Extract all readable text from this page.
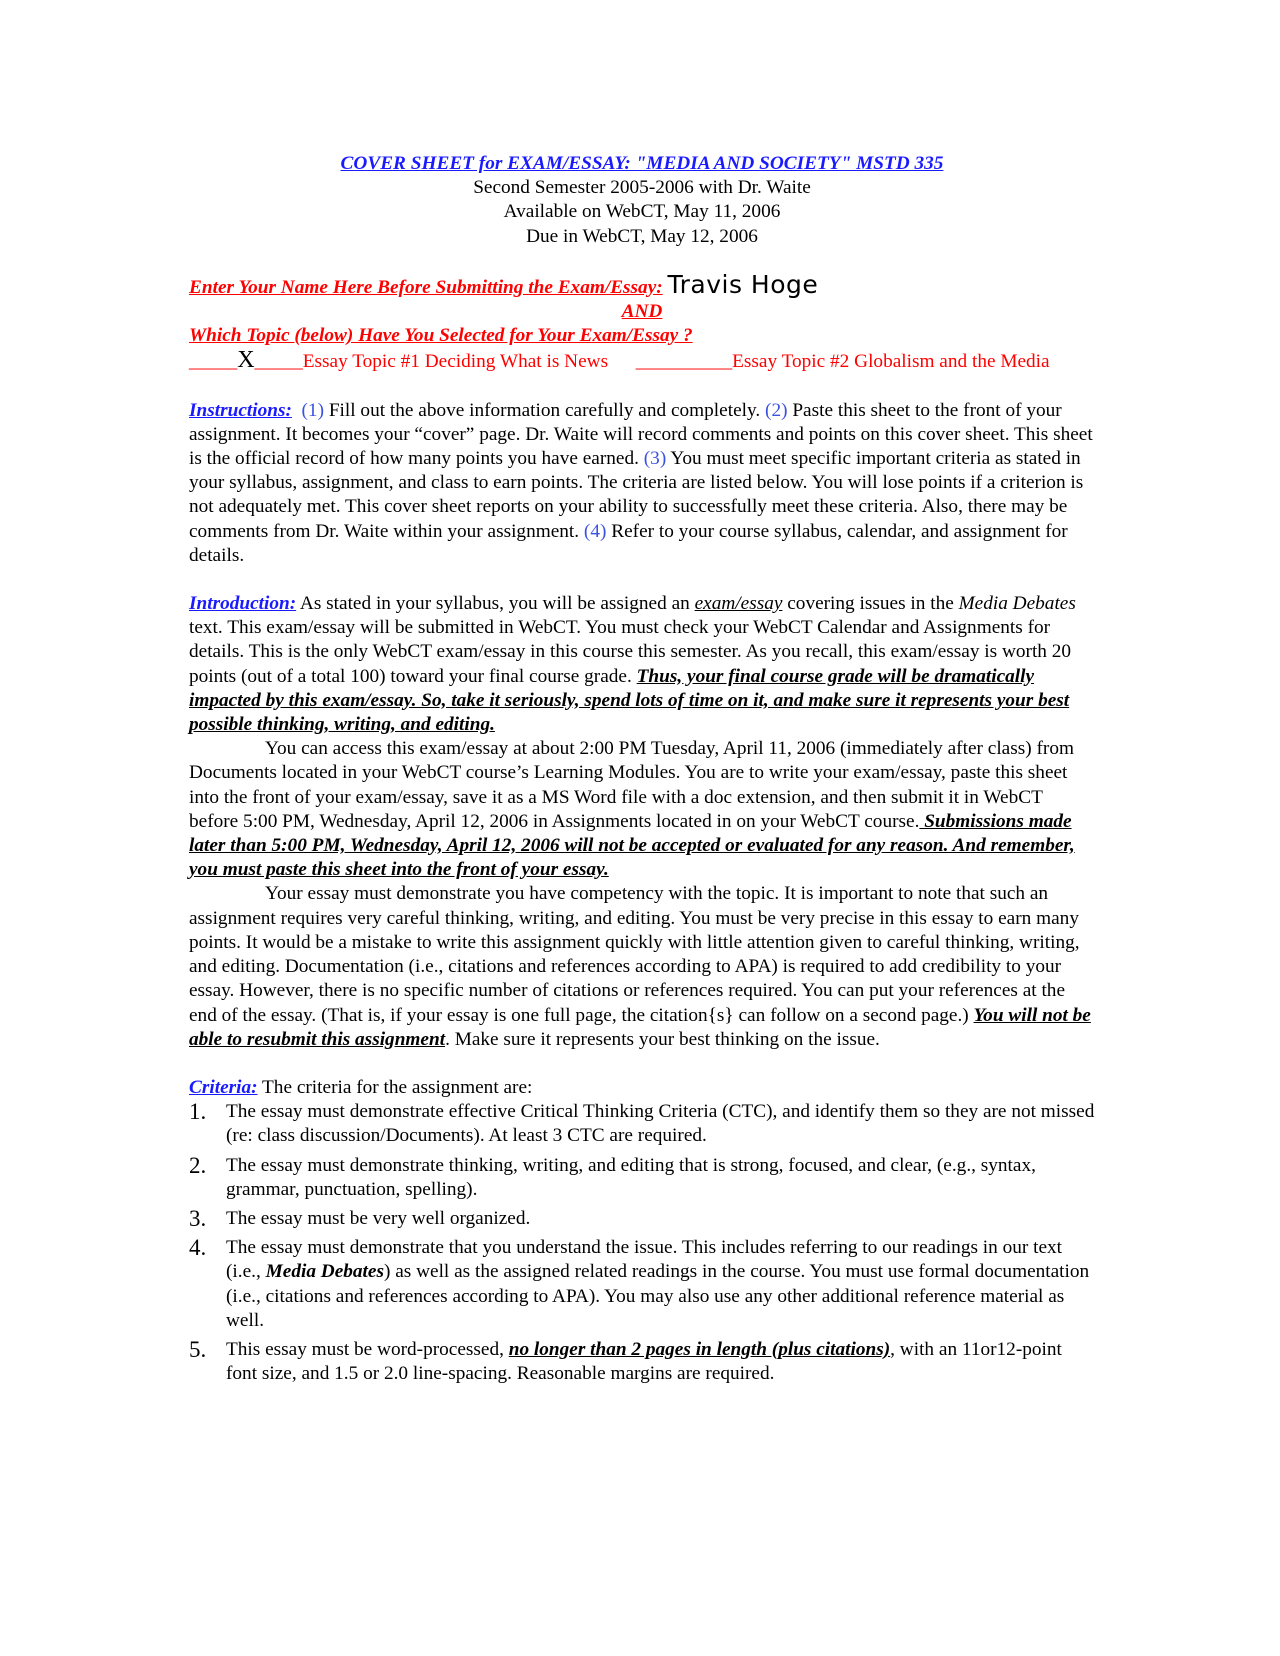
COVER SHEET for EXAM/ESSAY: "MEDIA AND SOCIETY" MSTD 335
Second Semester 2005-2006 with Dr. Waite
Available on WebCT, May 11, 2006
Due in WebCT, May 12, 2006
Enter Your Name Here Before Submitting the Exam/Essay: Travis Hoge
AND
Which Topic (below) Have You Selected for Your Exam/Essay ?
_____X_____Essay Topic #1 Deciding What is News __________Essay Topic #2 Globalism and the Media
Instructions: (1) Fill out the above information carefully and completely. (2) Paste this sheet to the front of your assignment. It becomes your “cover” page. Dr. Waite will record comments and points on this cover sheet. This sheet is the official record of how many points you have earned. (3) You must meet specific important criteria as stated in your syllabus, assignment, and class to earn points. The criteria are listed below. You will lose points if a criterion is not adequately met. This cover sheet reports on your ability to successfully meet these criteria. Also, there may be comments from Dr. Waite within your assignment. (4) Refer to your course syllabus, calendar, and assignment for details.
Introduction: As stated in your syllabus, you will be assigned an exam/essay covering issues in the Media Debates text. This exam/essay will be submitted in WebCT. You must check your WebCT Calendar and Assignments for details. This is the only WebCT exam/essay in this course this semester. As you recall, this exam/essay is worth 20 points (out of a total 100) toward your final course grade. Thus, your final course grade will be dramatically impacted by this exam/essay. So, take it seriously, spend lots of time on it, and make sure it represents your best possible thinking, writing, and editing.
You can access this exam/essay at about 2:00 PM Tuesday, April 11, 2006 (immediately after class) from Documents located in your WebCT course’s Learning Modules. You are to write your exam/essay, paste this sheet into the front of your exam/essay, save it as a MS Word file with a doc extension, and then submit it in WebCT before 5:00 PM, Wednesday, April 12, 2006 in Assignments located in on your WebCT course. Submissions made later than 5:00 PM, Wednesday, April 12, 2006 will not be accepted or evaluated for any reason. And remember, you must paste this sheet into the front of your essay.
Your essay must demonstrate you have competency with the topic. It is important to note that such an assignment requires very careful thinking, writing, and editing. You must be very precise in this essay to earn many points. It would be a mistake to write this assignment quickly with little attention given to careful thinking, writing, and editing. Documentation (i.e., citations and references according to APA) is required to add credibility to your essay. However, there is no specific number of citations or references required. You can put your references at the end of the essay. (That is, if your essay is one full page, the citation{s} can follow on a second page.) You will not be able to resubmit this assignment. Make sure it represents your best thinking on the issue.
Criteria: The criteria for the assignment are:
1.	The essay must demonstrate effective Critical Thinking Criteria (CTC), and identify them so they are not missed (re: class discussion/Documents). At least 3 CTC are required.
2.	The essay must demonstrate thinking, writing, and editing that is strong, focused, and clear, (e.g., syntax, grammar, punctuation, spelling).
3.	The essay must be very well organized.
4.	The essay must demonstrate that you understand the issue. This includes referring to our readings in our text (i.e., Media Debates) as well as the assigned related readings in the course. You must use formal documentation (i.e., citations and references according to APA). You may also use any other additional reference material as well.
5.	This essay must be word-processed, no longer than 2 pages in length (plus citations), with an 11or12-point font size, and 1.5 or 2.0 line-spacing. Reasonable margins are required.
